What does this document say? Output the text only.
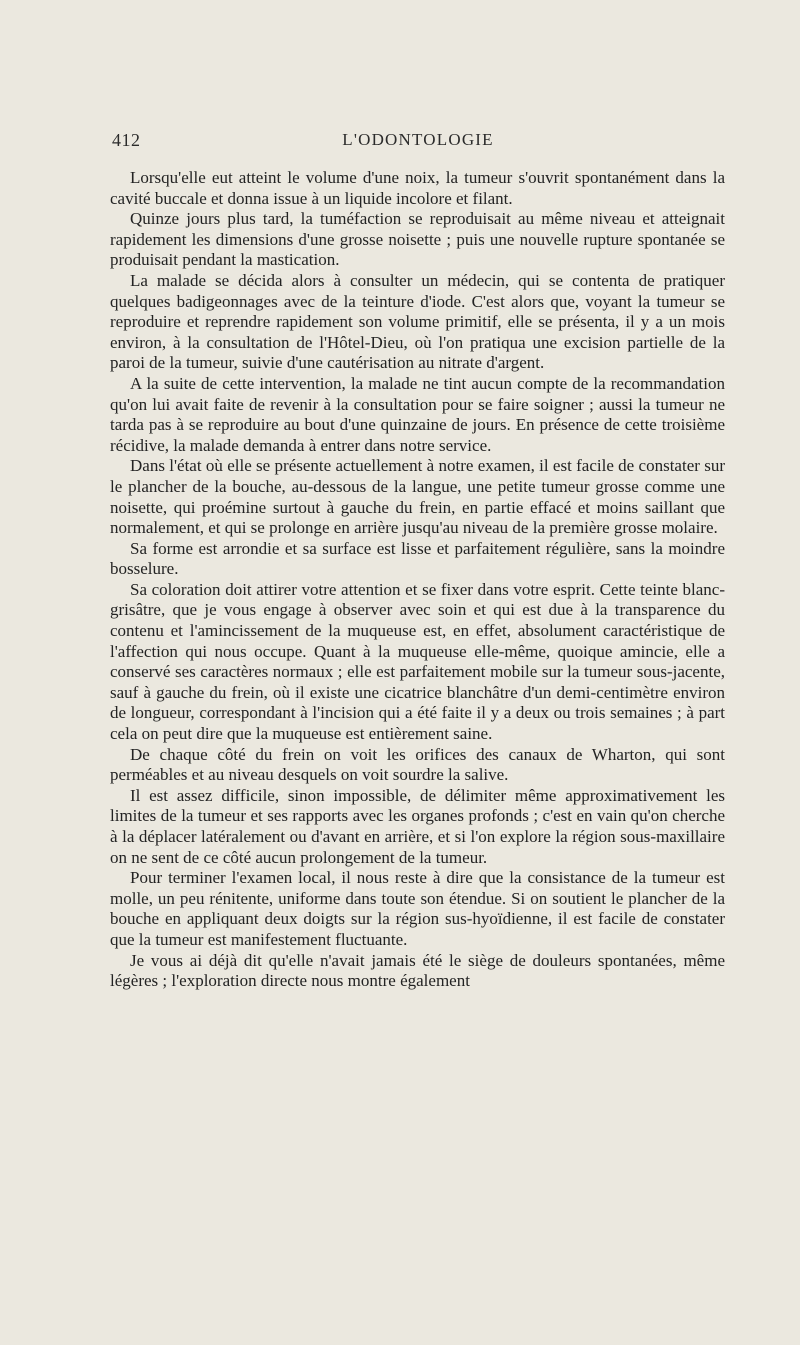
412	L'ODONTOLOGIE

Lorsqu'elle eut atteint le volume d'une noix, la tumeur s'ouvrit spontanément dans la cavité buccale et donna issue à un liquide incolore et filant.

Quinze jours plus tard, la tuméfaction se reproduisait au même niveau et atteignait rapidement les dimensions d'une grosse noisette ; puis une nouvelle rupture spontanée se produisait pendant la mastication.

La malade se décida alors à consulter un médecin, qui se contenta de pratiquer quelques badigeonnages avec de la teinture d'iode. C'est alors que, voyant la tumeur se reproduire et reprendre rapidement son volume primitif, elle se présenta, il y a un mois environ, à la consultation de l'Hôtel-Dieu, où l'on pratiqua une excision partielle de la paroi de la tumeur, suivie d'une cautérisation au nitrate d'argent.

A la suite de cette intervention, la malade ne tint aucun compte de la recommandation qu'on lui avait faite de revenir à la consultation pour se faire soigner ; aussi la tumeur ne tarda pas à se reproduire au bout d'une quinzaine de jours. En présence de cette troisième récidive, la malade demanda à entrer dans notre service.

Dans l'état où elle se présente actuellement à notre examen, il est facile de constater sur le plancher de la bouche, au-dessous de la langue, une petite tumeur grosse comme une noisette, qui proémine surtout à gauche du frein, en partie effacé et moins saillant que normalement, et qui se prolonge en arrière jusqu'au niveau de la première grosse molaire.

Sa forme est arrondie et sa surface est lisse et parfaitement régulière, sans la moindre bosselure.

Sa coloration doit attirer votre attention et se fixer dans votre esprit. Cette teinte blanc-grisâtre, que je vous engage à observer avec soin et qui est due à la transparence du contenu et l'amincissement de la muqueuse est, en effet, absolument caractéristique de l'affection qui nous occupe. Quant à la muqueuse elle-même, quoique amincie, elle a conservé ses caractères normaux ; elle est parfaitement mobile sur la tumeur sous-jacente, sauf à gauche du frein, où il existe une cicatrice blanchâtre d'un demi-centimètre environ de longueur, correspondant à l'incision qui a été faite il y a deux ou trois semaines ; à part cela on peut dire que la muqueuse est entièrement saine.

De chaque côté du frein on voit les orifices des canaux de Wharton, qui sont perméables et au niveau desquels on voit sourdre la salive.

Il est assez difficile, sinon impossible, de délimiter même approximativement les limites de la tumeur et ses rapports avec les organes profonds ; c'est en vain qu'on cherche à la déplacer latéralement ou d'avant en arrière, et si l'on explore la région sous-maxillaire on ne sent de ce côté aucun prolongement de la tumeur.

Pour terminer l'examen local, il nous reste à dire que la consistance de la tumeur est molle, un peu rénitente, uniforme dans toute son étendue. Si on soutient le plancher de la bouche en appliquant deux doigts sur la région sus-hyoïdienne, il est facile de constater que la tumeur est manifestement fluctuante.

Je vous ai déjà dit qu'elle n'avait jamais été le siège de douleurs spontanées, même légères ; l'exploration directe nous montre également
